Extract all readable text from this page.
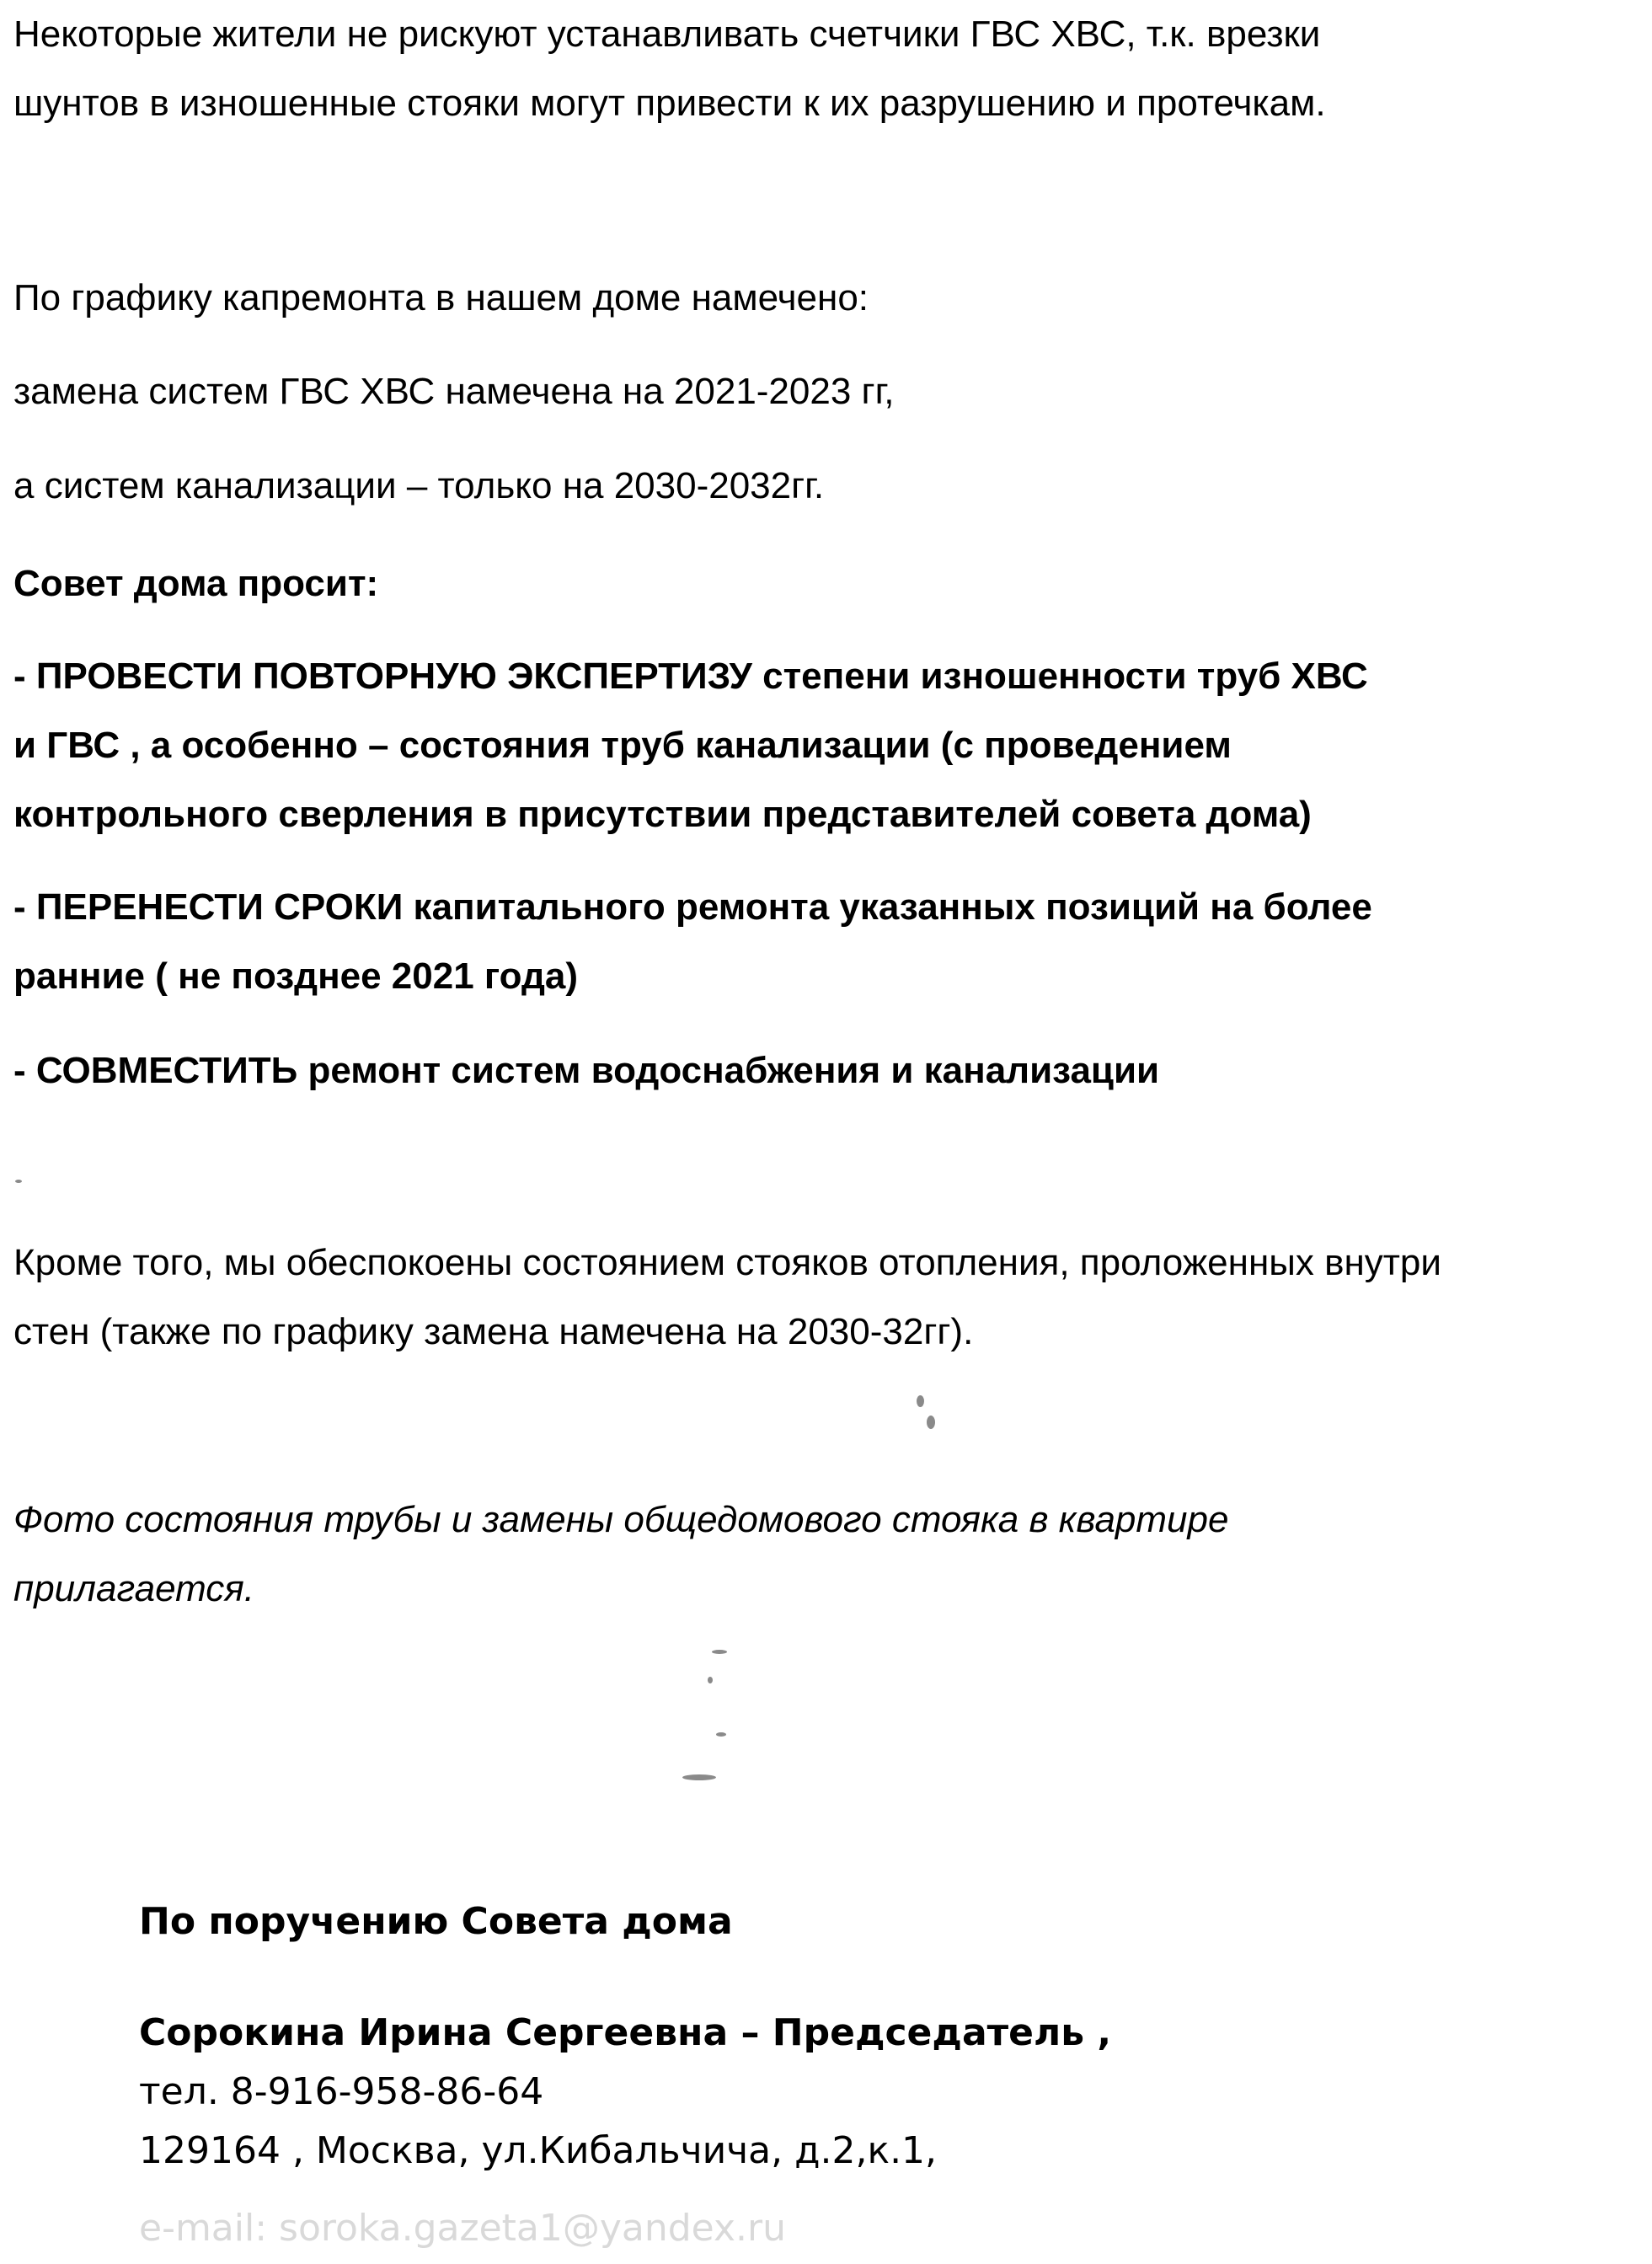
Некоторые жители не рискуют устанавливать счетчики ГВС ХВС, т.к. врезки
шунтов в изношенные стояки могут привести к их разрушению и протечкам.

По графику капремонта в нашем доме намечено:

замена систем ГВС ХВС намечена на 2021-2023 гг,

а систем канализации – только на 2030-2032гг.

Совет дома просит:

- ПРОВЕСТИ ПОВТОРНУЮ ЭКСПЕРТИЗУ степени изношенности труб ХВС
и ГВС , а особенно – состояния труб канализации (с проведением
контрольного сверления в присутствии представителей совета дома)

- ПЕРЕНЕСТИ СРОКИ капитального ремонта указанных позиций на более
ранние ( не позднее 2021 года)

- СОВМЕСТИТЬ ремонт систем водоснабжения и канализации

Кроме того, мы обеспокоены состоянием стояков отопления, проложенных внутри
стен (также по графику замена намечена на 2030-32гг).

Фото состояния трубы и замены общедомового стояка в квартире
прилагается.

По поручению Совета дома

Сорокина Ирина Сергеевна – Председатель ,
тел. 8-916-958-86-64
129164 , Москва, ул.Кибальчича, д.2,к.1,

e-mail: soroka.gazeta1@yandex.ru
